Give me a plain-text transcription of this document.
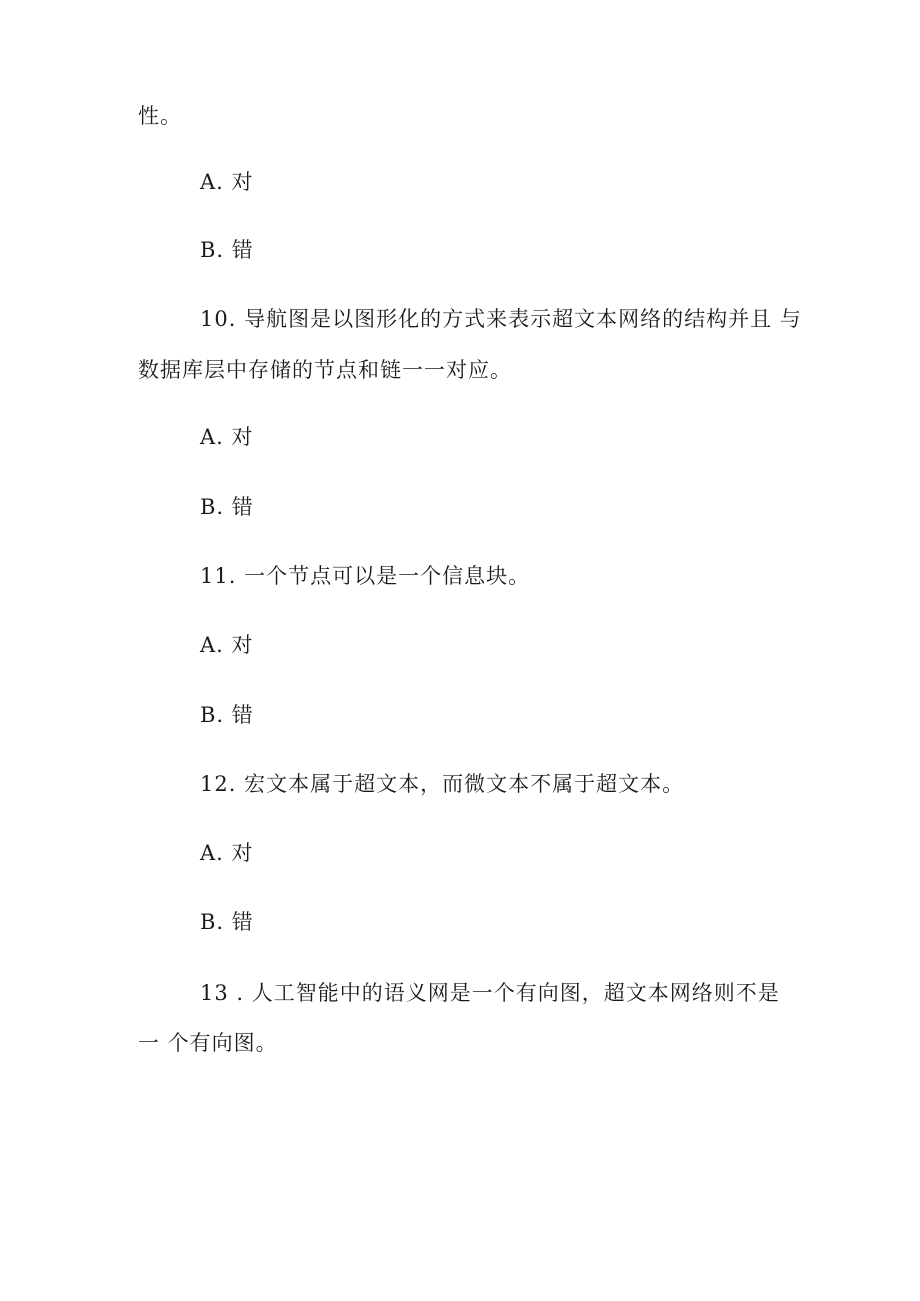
性。
A. 对
B. 错
10. 导航图是以图形化的方式来表示超文本网络的结构并且 与
数据库层中存储的节点和链一一对应。
A. 对
B. 错
11. 一个节点可以是一个信息块。
A. 对
B. 错
12. 宏文本属于超文本，而微文本不属于超文本。
A. 对
B. 错
13 . 人工智能中的语义网是一个有向图，超文本网络则不是
一 个有向图。
